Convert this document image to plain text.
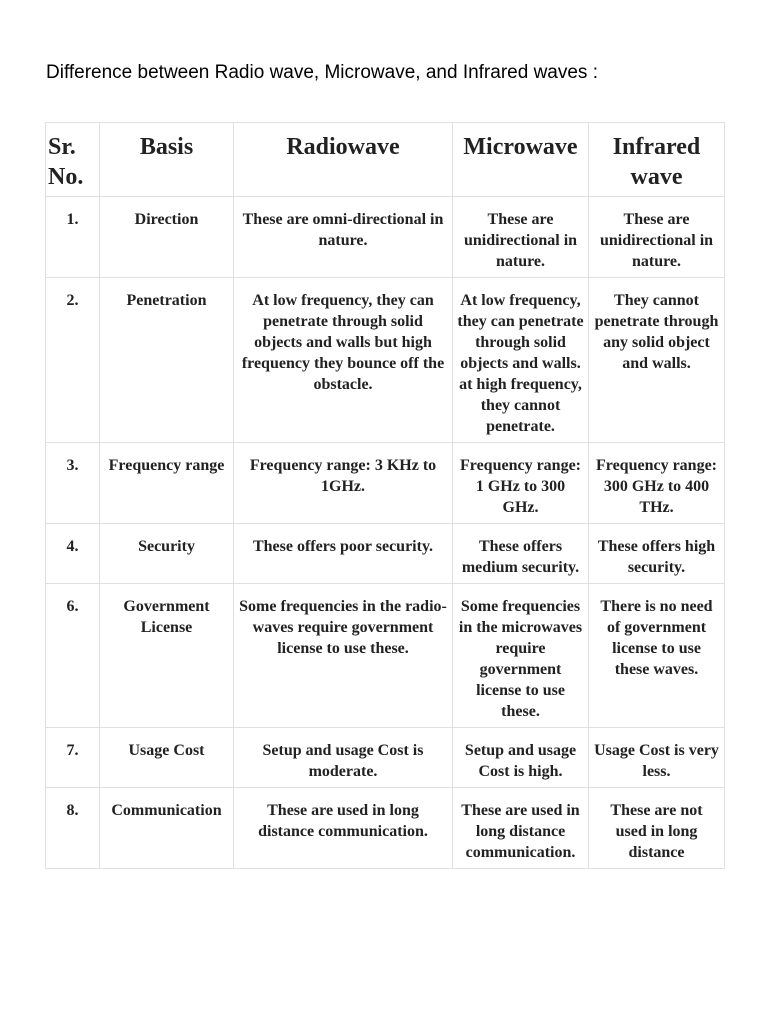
Difference between Radio wave, Microwave, and Infrared waves :
Sr. No.	Basis	Radiowave	Microwave	Infrared wave
1.	Direction	These are omni-directional in nature.	These are unidirectional in nature.	These are unidirectional in nature.
2.	Penetration	At low frequency, they can penetrate through solid objects and walls but high frequency they bounce off the obstacle.	At low frequency, they can penetrate through solid objects and walls. at high frequency, they cannot penetrate.	They cannot penetrate through any solid object and walls.
3.	Frequency range	Frequency range: 3 KHz to 1GHz.	Frequency range: 1 GHz to 300 GHz.	Frequency range: 300 GHz to 400 THz.
4.	Security	These offers poor security.	These offers medium security.	These offers high security.
6.	Government License	Some frequencies in the radio-waves require government license to use these.	Some frequencies in the microwaves require government license to use these.	There is no need of government license to use these waves.
7.	Usage Cost	Setup and usage Cost is moderate.	Setup and usage Cost is high.	Usage Cost is very less.
8.	Communication	These are used in long distance communication.	These are used in long distance communication.	These are not used in long distance
